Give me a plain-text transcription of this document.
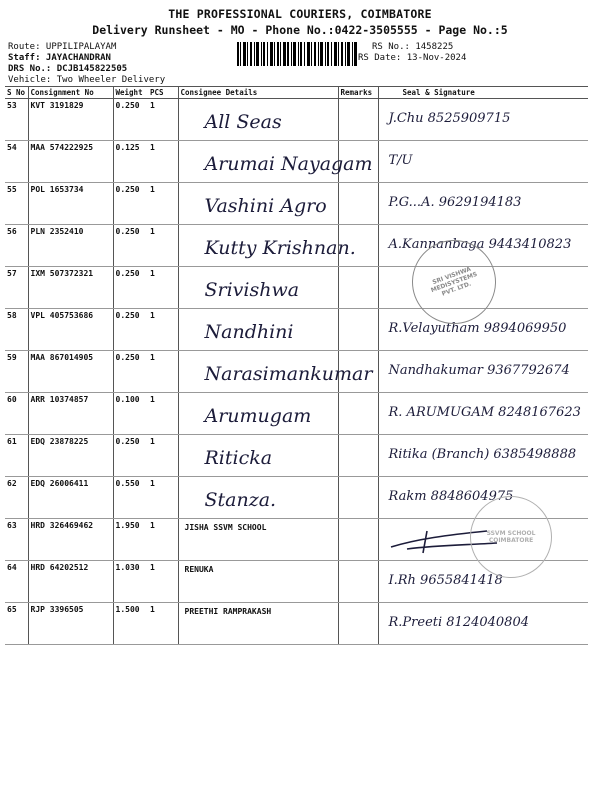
THE PROFESSIONAL COURIERS, COIMBATORE
Delivery Runsheet - MO - Phone No.:0422-3505555 - Page No.:5
Route: UPPILIPALAYAM
Staff: JAYACHANDRAN
DRS No.: DCJB145822505
Vehicle: Two Wheeler Delivery
RS No.: 1458225
RS Date: 13-Nov-2024
S No	Consignment No	Weight	PCS	Consignee Details	Remarks	Seal & Signature
53	KVT 3191829	0.250	1	All Seas		J.Chu 8525909715

54	MAA 574222925	0.125	1	Arumai Nayagam		T/U

55	POL 1653734	0.250	1	Vashini Agro		P.G...A. 9629194183

56	PLN 2352410	0.250	1	Kutty Krishnan.		A.Kannanbaga 9443410823

57	IXM 507372321	0.250	1	Srivishwa		

58	VPL 405753686	0.250	1	Nandhini		R.Velayutham 9894069950

59	MAA 867014905	0.250	1	Narasimankumar		Nandhakumar 9367792674

60	ARR 10374857	0.100	1	Arumugam		R. ARUMUGAM 8248167623

61	EDQ 23878225	0.250	1	Riticka		Ritika (Branch) 6385498888

62	EDQ 26006411	0.550	1	Stanza.		Rakm 8848604975

63	HRD 326469462	1.950	1	JISHA SSVM SCHOOL

64	HRD 64202512	1.030	1	RENUKA		I.Rh 9655841418

65	RJP 3396505	1.500	1	PREETHI RAMPRAKASH		R.Preeti 8124040804
SRI VISHWA MEDISYSTEMS PVT. LTD.
SSVM SCHOOL COIMBATORE
